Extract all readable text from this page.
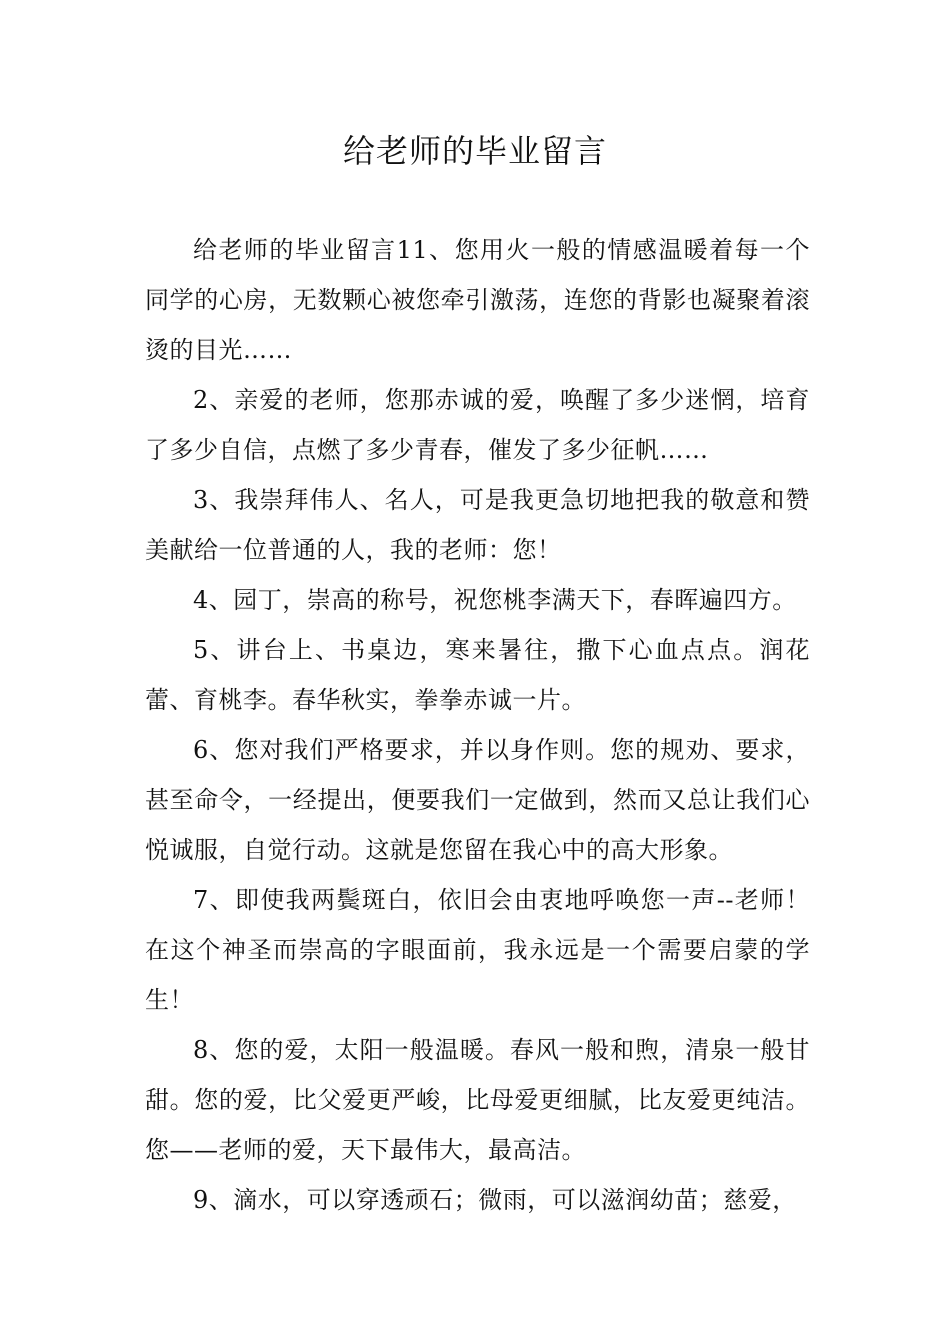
给老师的毕业留言

给老师的毕业留言11、您用火一般的情感温暖着每一个同学的心房，无数颗心被您牵引激荡，连您的背影也凝聚着滚烫的目光……

2、亲爱的老师，您那赤诚的爱，唤醒了多少迷惘，培育了多少自信，点燃了多少青春，催发了多少征帆……

3、我崇拜伟人、名人，可是我更急切地把我的敬意和赞美献给一位普通的人，我的老师：您！

4、园丁，崇高的称号，祝您桃李满天下，春晖遍四方。

5、讲台上、书桌边，寒来暑往，撒下心血点点。润花蕾、育桃李。春华秋实，拳拳赤诚一片。

6、您对我们严格要求，并以身作则。您的规劝、要求，甚至命令，一经提出，便要我们一定做到，然而又总让我们心悦诚服，自觉行动。这就是您留在我心中的高大形象。

7、即使我两鬓斑白，依旧会由衷地呼唤您一声--老师！在这个神圣而崇高的字眼面前，我永远是一个需要启蒙的学生！

8、您的爱，太阳一般温暖。春风一般和煦，清泉一般甘甜。您的爱，比父爱更严峻，比母爱更细腻，比友爱更纯洁。您——老师的爱，天下最伟大，最高洁。

9、滴水，可以穿透顽石；微雨，可以滋润幼苗；慈爱，
